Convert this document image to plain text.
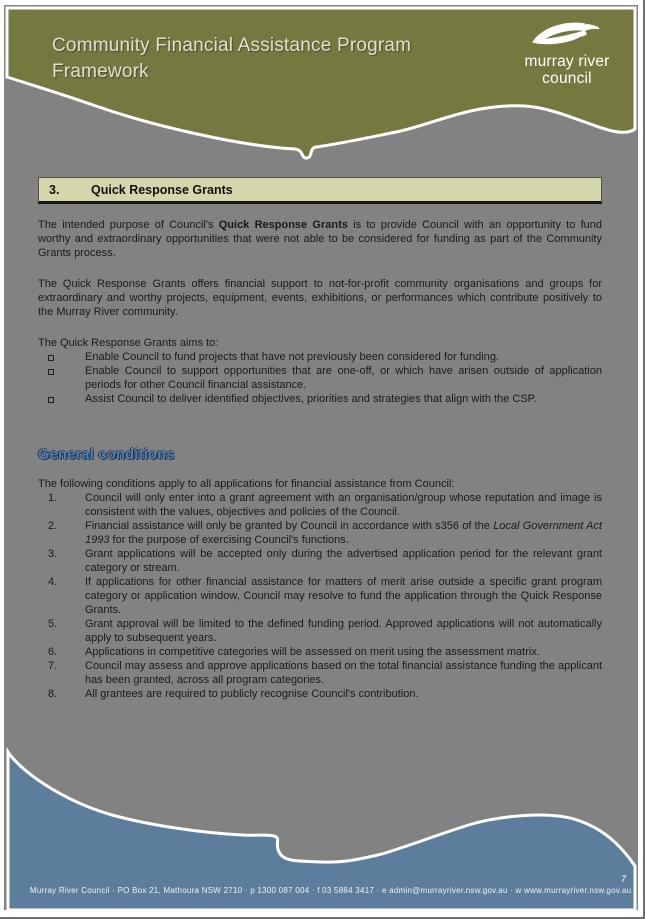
Community Financial Assistance Program Framework	murray river
council
3.	Quick Response Grants

The intended purpose of Council's Quick Response Grants is to provide Council with an opportunity to fund worthy and extraordinary opportunities that were not able to be considered for funding as part of the Community Grants process.

The Quick Response Grants offers financial support to not-for-profit community organisations and groups for extraordinary and worthy projects, equipment, events, exhibitions, or performances which contribute positively to the Murray River community.

The Quick Response Grants aims to:

Enable Council to fund projects that have not previously been considered for funding.
Enable Council to support opportunities that are one-off, or which have arisen outside of application periods for other Council financial assistance.
Assist Council to deliver identified objectives, priorities and strategies that align with the CSP.
General conditions

The following conditions apply to all applications for financial assistance from Council:

1.	Council will only enter into a grant agreement with an organisation/group whose reputation and image is consistent with the values, objectives and policies of the Council.
2.	Financial assistance will only be granted by Council in accordance with s356 of the Local Government Act 1993 for the purpose of exercising Council's functions.
3.	Grant applications will be accepted only during the advertised application period for the relevant grant category or stream.
4.	If applications for other financial assistance for matters of merit arise outside a specific grant program category or application window, Council may resolve to fund the application through the Quick Response Grants.
5.	Grant approval will be limited to the defined funding period. Approved applications will not automatically apply to subsequent years.
6.	Applications in competitive categories will be assessed on merit using the assessment matrix.
7.	Council may assess and approve applications based on the total financial assistance funding the applicant has been granted, across all program categories.
8.	All grantees are required to publicly recognise Council's contribution.
Murray River Council · PO Box 21, Mathoura NSW 2710 · p 1300 087 004 · f 03 5884 3417 · e admin@murrayriver.nsw.gov.au · w www.murrayriver.nsw.gov.au
7
